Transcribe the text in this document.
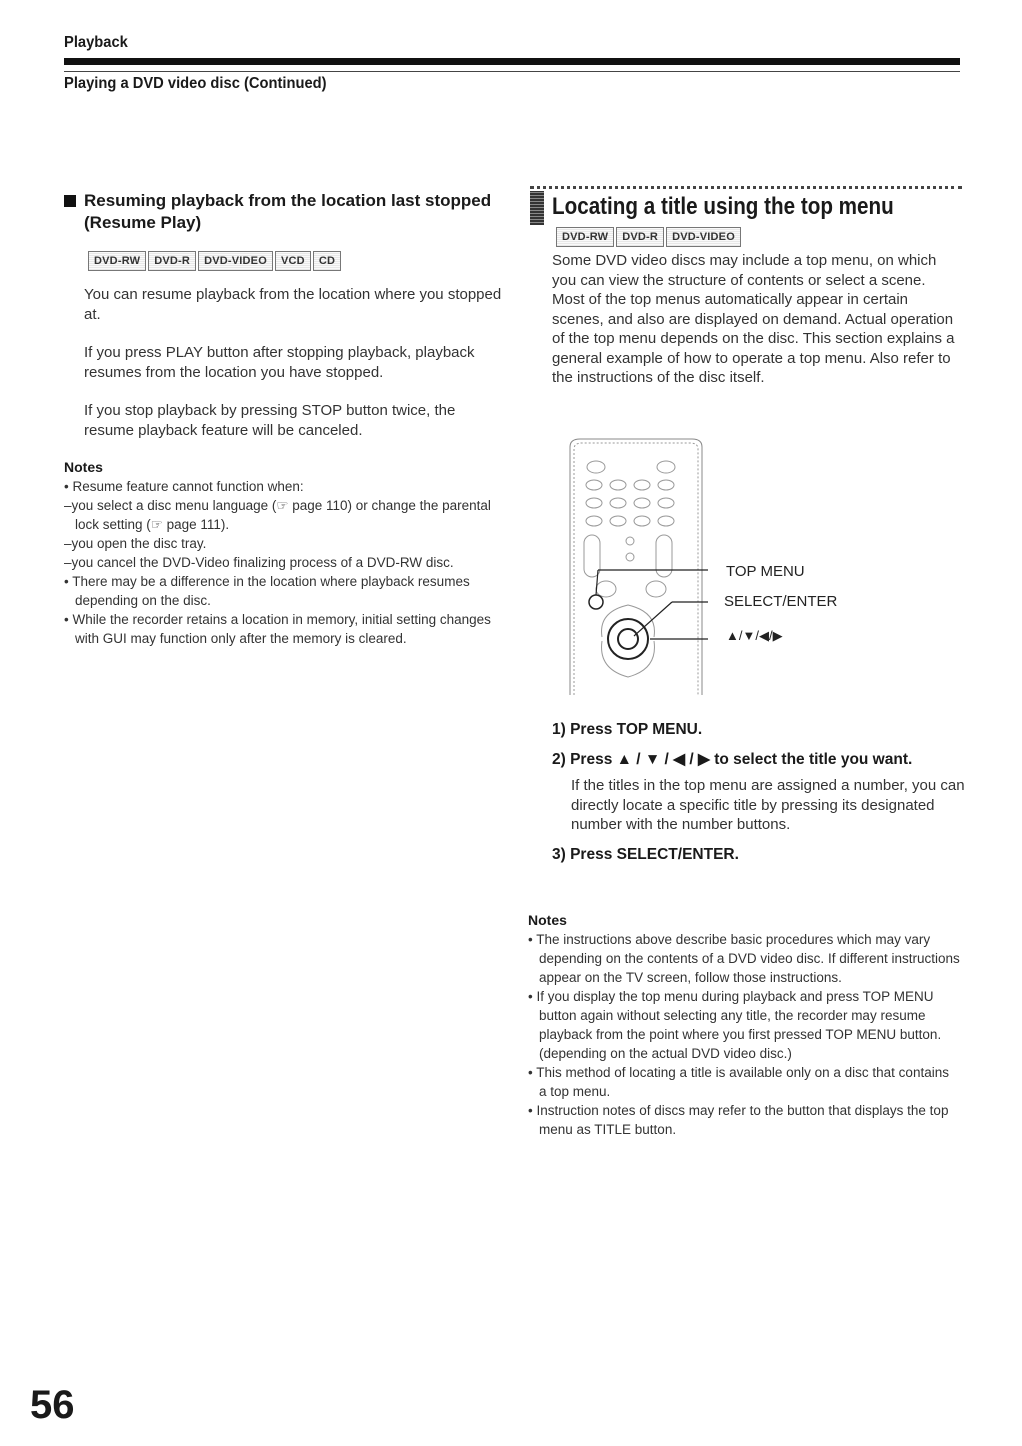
Playback
Playing a DVD video disc (Continued)
Resuming playback from the location last stopped (Resume Play)
DVD-RW	DVD-R	DVD-VIDEO	VCD	CD

You can resume playback from the location where you stopped at.

If you press PLAY button after stopping playback, playback resumes from the location you have stopped.

If you stop playback by pressing STOP button twice, the resume playback feature will be canceled.

Notes
• Resume feature cannot function when:
–you select a disc menu language (☞ page 110) or change the parental lock setting (☞ page 111).
–you open the disc tray.
–you cancel the DVD-Video finalizing process of a DVD-RW disc.
• There may be a difference in the location where playback resumes depending on the disc.
• While the recorder retains a location in memory, initial setting changes with GUI may function only after the memory is cleared.
Locating a title using the top menu
DVD-RW	DVD-R	DVD-VIDEO

Some DVD video discs may include a top menu, on which you can view the structure of contents or select a scene. Most of the top menus automatically appear in certain scenes, and also are displayed on demand. Actual operation of the top menu depends on the disc. This section explains a general example of how to operate a top menu. Also refer to the instructions of the disc itself.

TOP MENU
SELECT/ENTER
▲/▼/◀/▶
1) Press TOP MENU.
2) Press ▲ / ▼ / ◀ / ▶ to select the title you want.
If the titles in the top menu are assigned a number, you can directly locate a specific title by pressing its designated number with the number buttons.
3) Press SELECT/ENTER.
Notes
• The instructions above describe basic procedures which may vary depending on the contents of a DVD video disc. If different instructions appear on the TV screen, follow those instructions.
• If you display the top menu during playback and press TOP MENU button again without selecting any title, the recorder may resume playback from the point where you first pressed TOP MENU button. (depending on the actual DVD video disc.)
• This method of locating a title is available only on a disc that contains a top menu.
• Instruction notes of discs may refer to the button that displays the top menu as TITLE button.
56
